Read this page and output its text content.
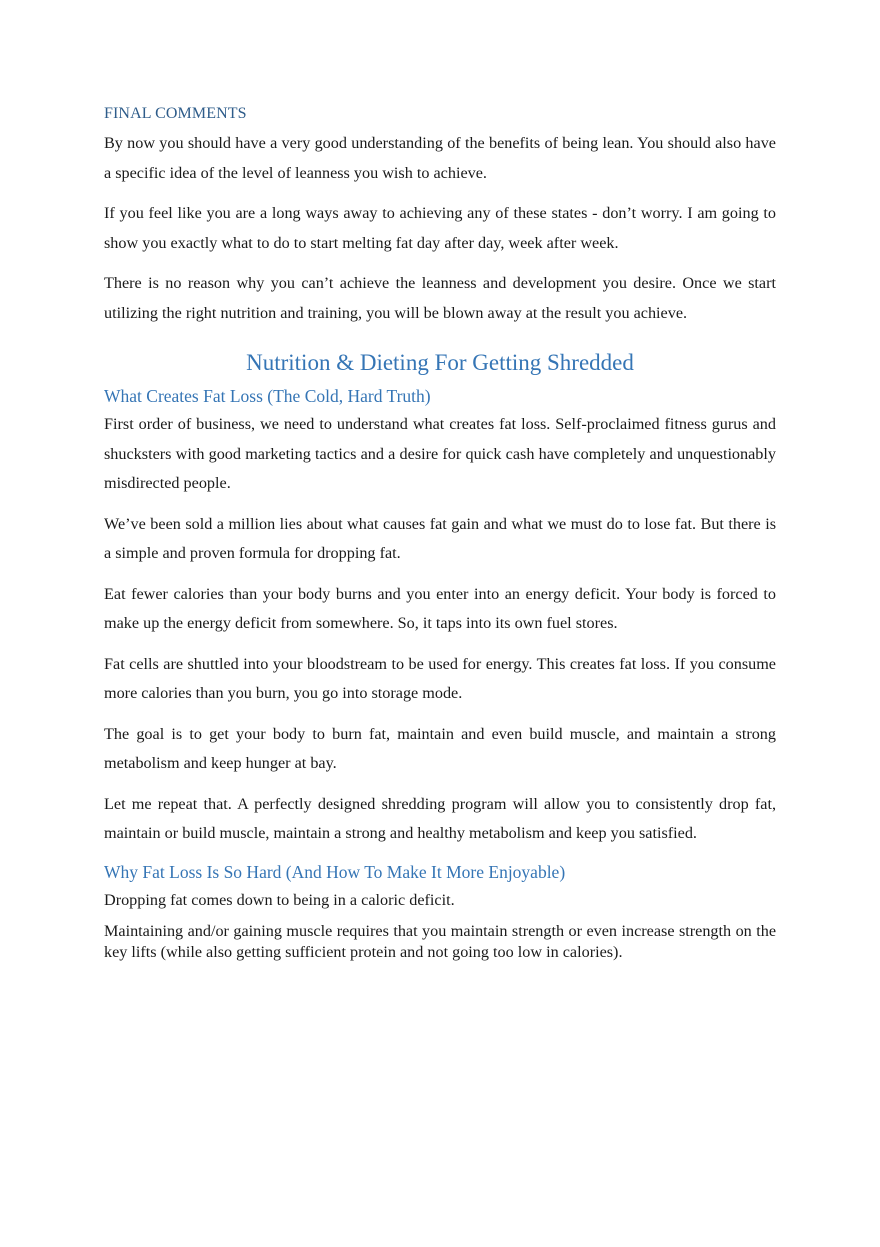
FINAL COMMENTS

By now you should have a very good understanding of the benefits of being lean. You should also have a specific idea of the level of leanness you wish to achieve.

If you feel like you are a long ways away to achieving any of these states - don’t worry. I am going to show you exactly what to do to start melting fat day after day, week after week.

There is no reason why you can’t achieve the leanness and development you desire. Once we start utilizing the right nutrition and training, you will be blown away at the result you achieve.

Nutrition & Dieting For Getting Shredded
What Creates Fat Loss (The Cold, Hard Truth)

First order of business, we need to understand what creates fat loss. Self-proclaimed fitness gurus and shucksters with good marketing tactics and a desire for quick cash have completely and unquestionably misdirected people.

We’ve been sold a million lies about what causes fat gain and what we must do to lose fat. But there is a simple and proven formula for dropping fat.

Eat fewer calories than your body burns and you enter into an energy deficit. Your body is forced to make up the energy deficit from somewhere. So, it taps into its own fuel stores.

Fat cells are shuttled into your bloodstream to be used for energy. This creates fat loss. If you consume more calories than you burn, you go into storage mode.

The goal is to get your body to burn fat, maintain and even build muscle, and maintain a strong metabolism and keep hunger at bay.

Let me repeat that. A perfectly designed shredding program will allow you to consistently drop fat, maintain or build muscle, maintain a strong and healthy metabolism and keep you satisfied.

Why Fat Loss Is So Hard (And How To Make It More Enjoyable)

Dropping fat comes down to being in a caloric deficit.

Maintaining and/or gaining muscle requires that you maintain strength or even increase strength on the key lifts (while also getting sufficient protein and not going too low in calories).
